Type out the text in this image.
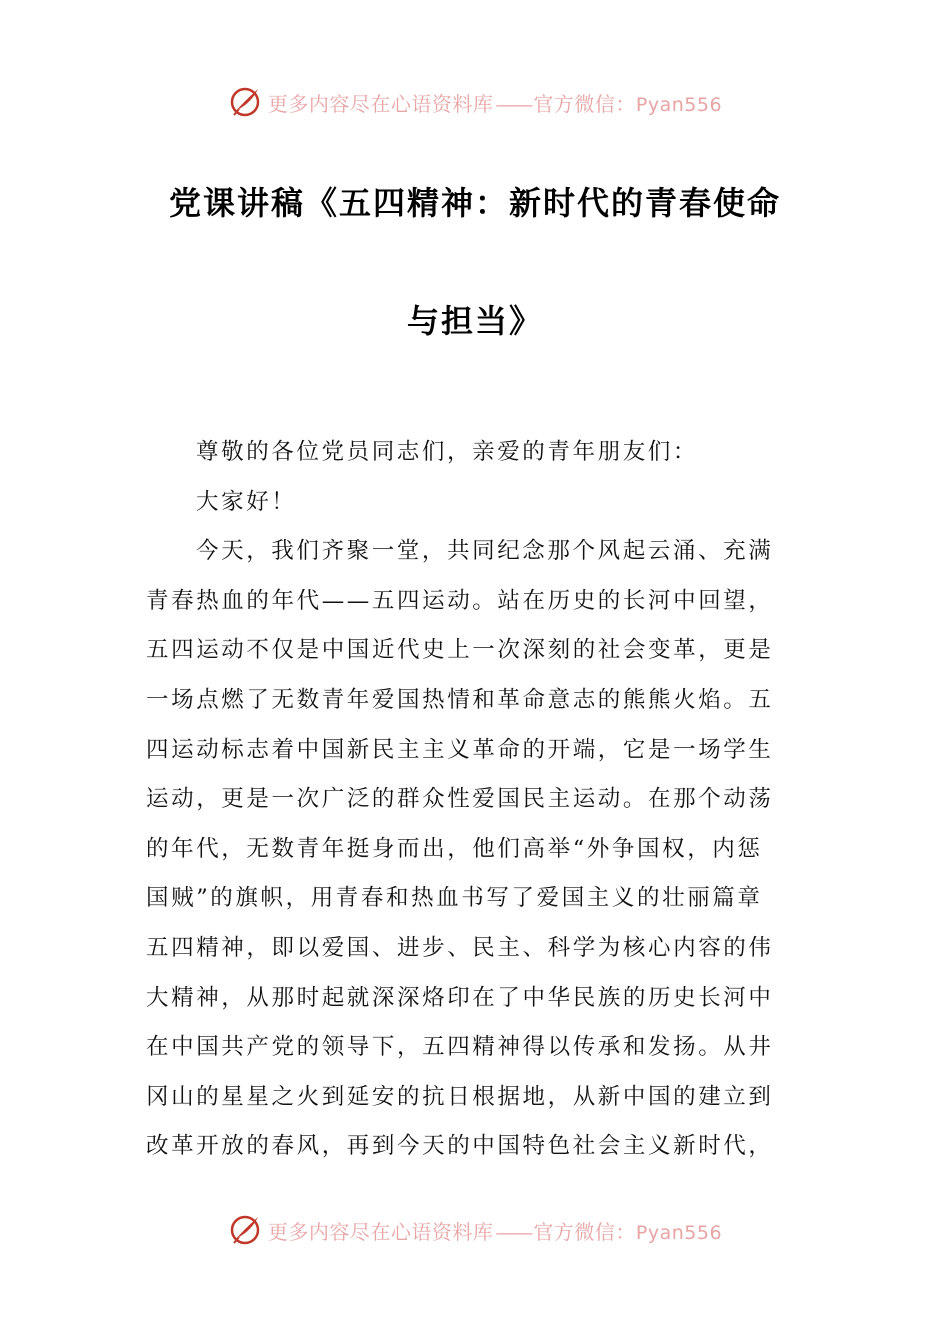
更多内容尽在心语资料库 —— 官方微信：Pyan556
党课讲稿《五四精神：新时代的青春使命
与担当》

尊敬的各位党员同志们，亲爱的青年朋友们：

大家好！

今天，我们齐聚一堂，共同纪念那个风起云涌、充满

青春热血的年代——五四运动。站在历史的长河中回望，

五四运动不仅是中国近代史上一次深刻的社会变革，更是

一场点燃了无数青年爱国热情和革命意志的熊熊火焰。五

四运动标志着中国新民主主义革命的开端，它是一场学生

运动，更是一次广泛的群众性爱国民主运动。在那个动荡

的年代，无数青年挺身而出，他们高举“外争国权，内惩

国贼”的旗帜，用青春和热血书写了爱国主义的壮丽篇章

五四精神，即以爱国、进步、民主、科学为核心内容的伟

大精神，从那时起就深深烙印在了中华民族的历史长河中

在中国共产党的领导下，五四精神得以传承和发扬。从井

冈山的星星之火到延安的抗日根据地，从新中国的建立到

改革开放的春风，再到今天的中国特色社会主义新时代，

更多内容尽在心语资料库 —— 官方微信：Pyan556
